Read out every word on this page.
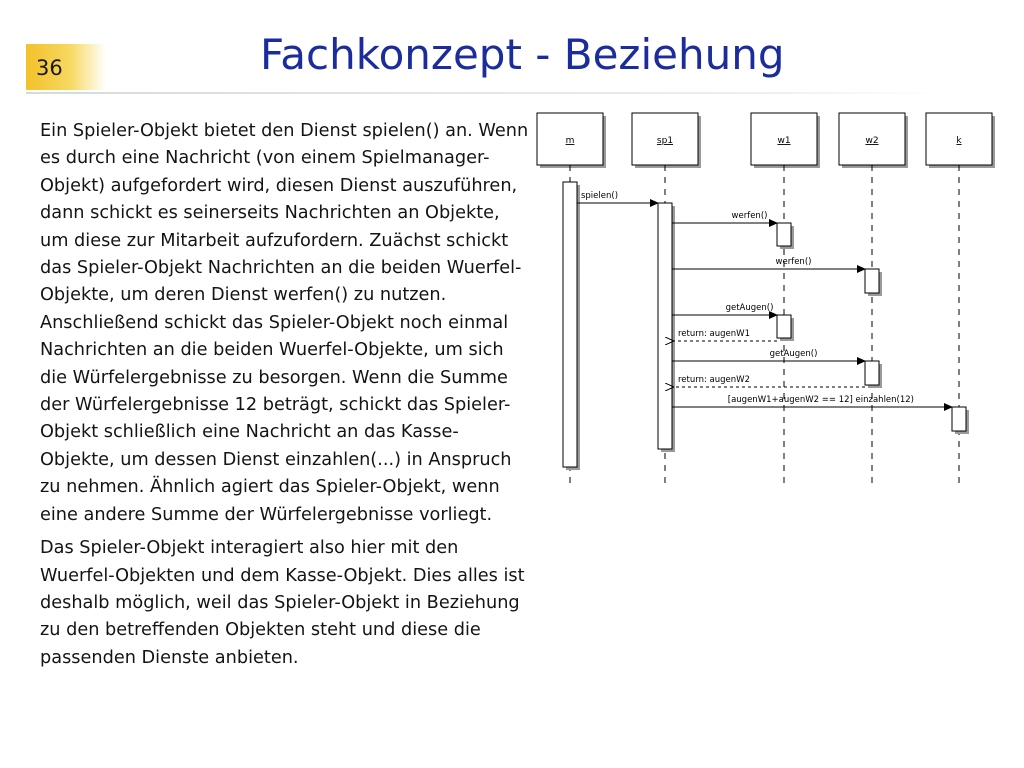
36	Fachkonzept - Beziehung

Ein Spieler-Objekt bietet den Dienst spielen() an. Wenn es durch eine Nachricht (von einem Spielmanager-Objekt) aufgefordert wird, diesen Dienst auszuführen, dann schickt es seinerseits Nachrichten an Objekte, um diese zur Mitarbeit aufzufordern. Zuächst schickt das Spieler-Objekt Nachrichten an die beiden Wuerfel-Objekte, um deren Dienst werfen() zu nutzen. Anschließend schickt das Spieler-Objekt noch einmal Nachrichten an die beiden Wuerfel-Objekte, um sich die Würfelergebnisse zu besorgen. Wenn die Summe der Würfelergebnisse 12 beträgt, schickt das Spieler-Objekt schließlich eine Nachricht an das Kasse-Objekte, um dessen Dienst einzahlen(...) in Anspruch zu nehmen. Ähnlich agiert das Spieler-Objekt, wenn eine andere Summe der Würfelergebnisse vorliegt.

Das Spieler-Objekt interagiert also hier mit den Wuerfel-Objekten und dem Kasse-Objekt. Dies alles ist deshalb möglich, weil das Spieler-Objekt in Beziehung zu den betreffenden Objekten steht und diese die passenden Dienste anbieten.

m	sp1	w1	w2	k
spielen()
werfen()
werfen()
getAugen()
return: augenW1
getAugen()
return: augenW2
[augenW1+augenW2 == 12] einzahlen(12)
